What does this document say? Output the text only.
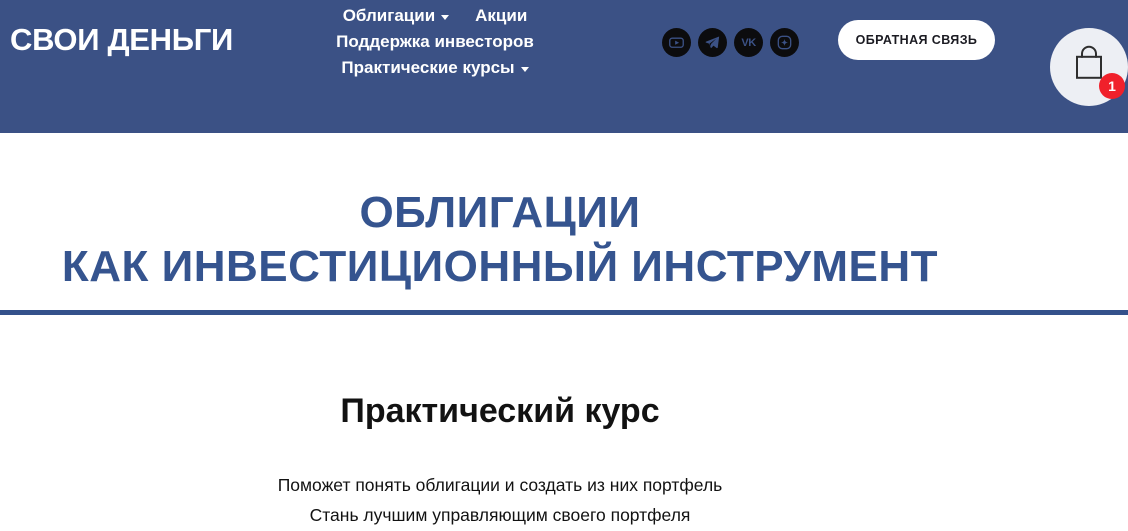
СВОИ ДЕНЬГИ
Облигации Акции
Поддержка инвесторов
Практические курсы
VK	ОБРАТНАЯ СВЯЗЬ
1
ОБЛИГАЦИИ
КАК ИНВЕСТИЦИОННЫЙ ИНСТРУМЕНТ
Практический курс
Поможет понять облигации и создать из них портфель
Стань лучшим управляющим своего портфеля
